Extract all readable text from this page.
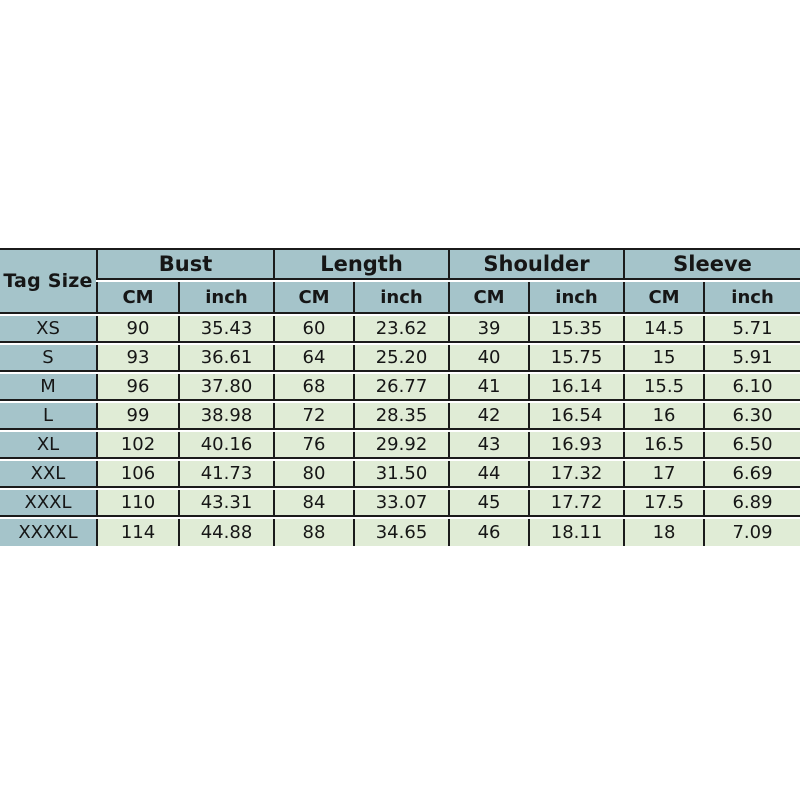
Tag Size	Bust		Length		Shoulder		Sleeve	
	CM	inch	CM	inch	CM	inch	CM	inch
XS	90	35.43	60	23.62	39	15.35	14.5	5.71
S	93	36.61	64	25.20	40	15.75	15	5.91
M	96	37.80	68	26.77	41	16.14	15.5	6.10
L	99	38.98	72	28.35	42	16.54	16	6.30
XL	102	40.16	76	29.92	43	16.93	16.5	6.50
XXL	106	41.73	80	31.50	44	17.32	17	6.69
XXXL	110	43.31	84	33.07	45	17.72	17.5	6.89
XXXXL	114	44.88	88	34.65	46	18.11	18	7.09
